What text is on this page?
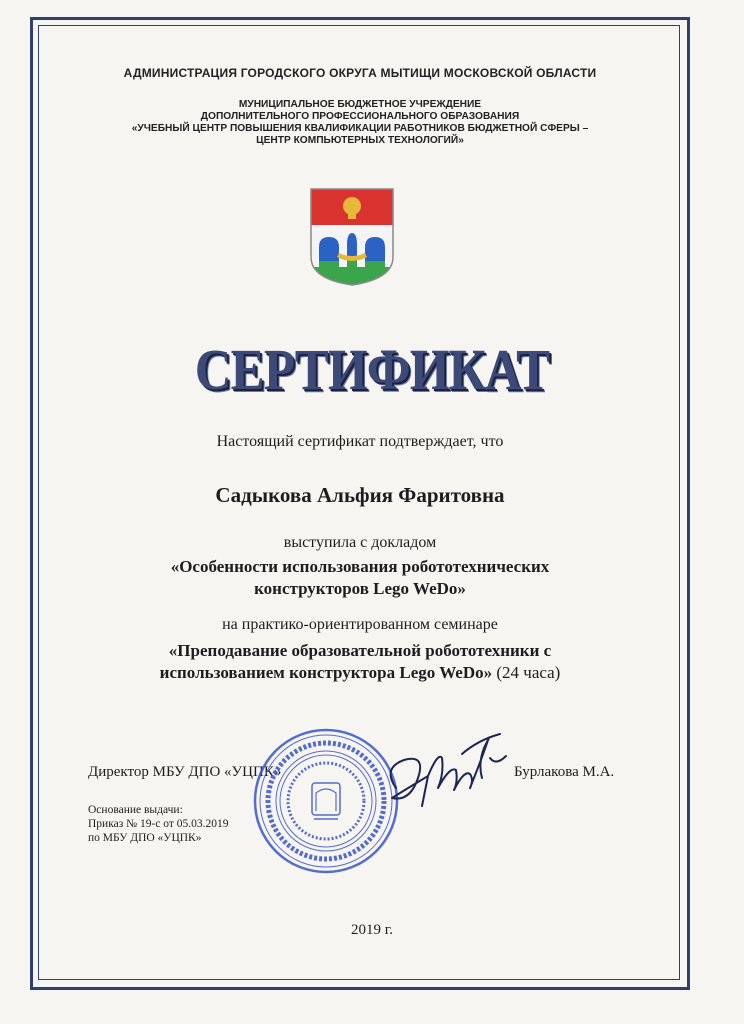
АДМИНИСТРАЦИЯ ГОРОДСКОГО ОКРУГА МЫТИЩИ МОСКОВСКОЙ ОБЛАСТИ
МУНИЦИПАЛЬНОЕ БЮДЖЕТНОЕ УЧРЕЖДЕНИЕ
ДОПОЛНИТЕЛЬНОГО ПРОФЕССИОНАЛЬНОГО ОБРАЗОВАНИЯ
«УЧЕБНЫЙ ЦЕНТР ПОВЫШЕНИЯ КВАЛИФИКАЦИИ РАБОТНИКОВ БЮДЖЕТНОЙ СФЕРЫ –
ЦЕНТР КОМПЬЮТЕРНЫХ ТЕХНОЛОГИЙ»
СЕРТИФИКАТ
Настоящий сертификат подтверждает, что
Садыкова Альфия Фаритовна
выступила с докладом
«Особенности использования робототехнических
конструкторов Lego WeDo»
на практико-ориентированном семинаре
«Преподавание образовательной робототехники с
использованием конструктора Lego WeDo» (24 часа)
Директор МБУ ДПО «УЦПК»	Бурлакова М.А.
Основание выдачи:
Приказ № 19-с от 05.03.2019
по МБУ ДПО «УЦПК»
2019 г.
